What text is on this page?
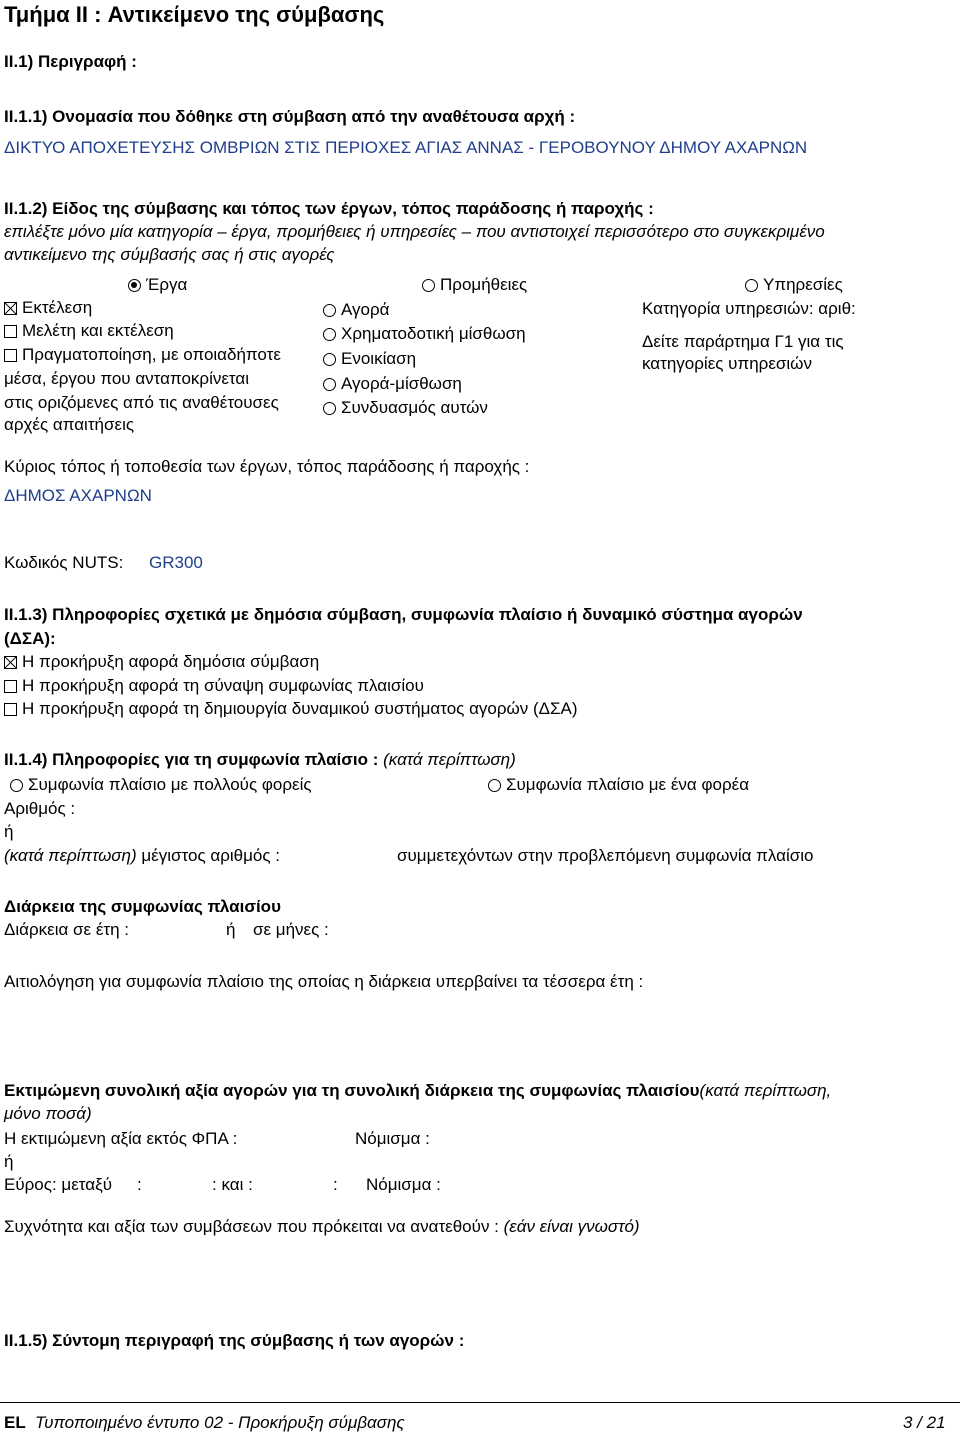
Τμήμα II : Αντικείμενο της σύμβασης
II.1) Περιγραφή :
II.1.1) Ονομασία που δόθηκε στη σύμβαση από την αναθέτουσα αρχή :
ΔΙΚΤΥΟ ΑΠΟΧΕΤΕΥΣΗΣ ΟΜΒΡΙΩΝ ΣΤΙΣ ΠΕΡΙΟΧΕΣ ΑΓΙΑΣ ΑΝΝΑΣ - ΓΕΡΟΒΟΥΝΟΥ ΔΗΜΟΥ ΑΧΑΡΝΩΝ
II.1.2) Είδος της σύμβασης και τόπος των έργων, τόπος παράδοσης ή παροχής :
επιλέξτε μόνο μία κατηγορία – έργα, προμήθειες ή υπηρεσίες – που αντιστοιχεί περισσότερο στο συγκεκριμένο
αντικείμενο της σύμβασής σας ή στις αγορές
Έργα	Προμήθειες	Υπηρεσίες
Εκτέλεση
Μελέτη και εκτέλεση
Πραγματοποίηση, με οποιαδήποτε
μέσα, έργου που ανταποκρίνεται
στις οριζόμενες από τις αναθέτουσες
αρχές απαιτήσεις
Αγορά
Χρηματοδοτική μίσθωση
Ενοικίαση
Αγορά-μίσθωση
Συνδυασμός αυτών
Κατηγορία υπηρεσιών: αριθ:
Δείτε παράρτημα Γ1 για τις
κατηγορίες υπηρεσιών
Κύριος τόπος ή τοποθεσία των έργων, τόπος παράδοσης ή παροχής :
ΔΗΜΟΣ ΑΧΑΡΝΩΝ
Κωδικός NUTS: GR300
II.1.3) Πληροφορίες σχετικά με δημόσια σύμβαση, συμφωνία πλαίσιο ή δυναμικό σύστημα αγορών
(ΔΣΑ):
Η προκήρυξη αφορά δημόσια σύμβαση
Η προκήρυξη αφορά τη σύναψη συμφωνίας πλαισίου
Η προκήρυξη αφορά τη δημιουργία δυναμικού συστήματος αγορών (ΔΣΑ)
II.1.4) Πληροφορίες για τη συμφωνία πλαίσιο : (κατά περίπτωση)
Συμφωνία πλαίσιο με πολλούς φορείς	Συμφωνία πλαίσιο με ένα φορέα
Αριθμός :
ή
(κατά περίπτωση) μέγιστος αριθμός :	συμμετεχόντων στην προβλεπόμενη συμφωνία πλαίσιο
Διάρκεια της συμφωνίας πλαισίου
Διάρκεια σε έτη :	ή σε μήνες :
Αιτιολόγηση για συμφωνία πλαίσιο της οποίας η διάρκεια υπερβαίνει τα τέσσερα έτη :
Εκτιμώμενη συνολική αξία αγορών για τη συνολική διάρκεια της συμφωνίας πλαισίου(κατά περίπτωση,
μόνο ποσά)
Η εκτιμώμενη αξία εκτός ΦΠΑ :	Νόμισμα :
ή
Εύρος: μεταξύ :	: και :	: Νόμισμα :
Συχνότητα και αξία των συμβάσεων που πρόκειται να ανατεθούν : (εάν είναι γνωστό)
II.1.5) Σύντομη περιγραφή της σύμβασης ή των αγορών :
EL Τυποποιημένο έντυπο 02 - Προκήρυξη σύμβασης	3 / 21
